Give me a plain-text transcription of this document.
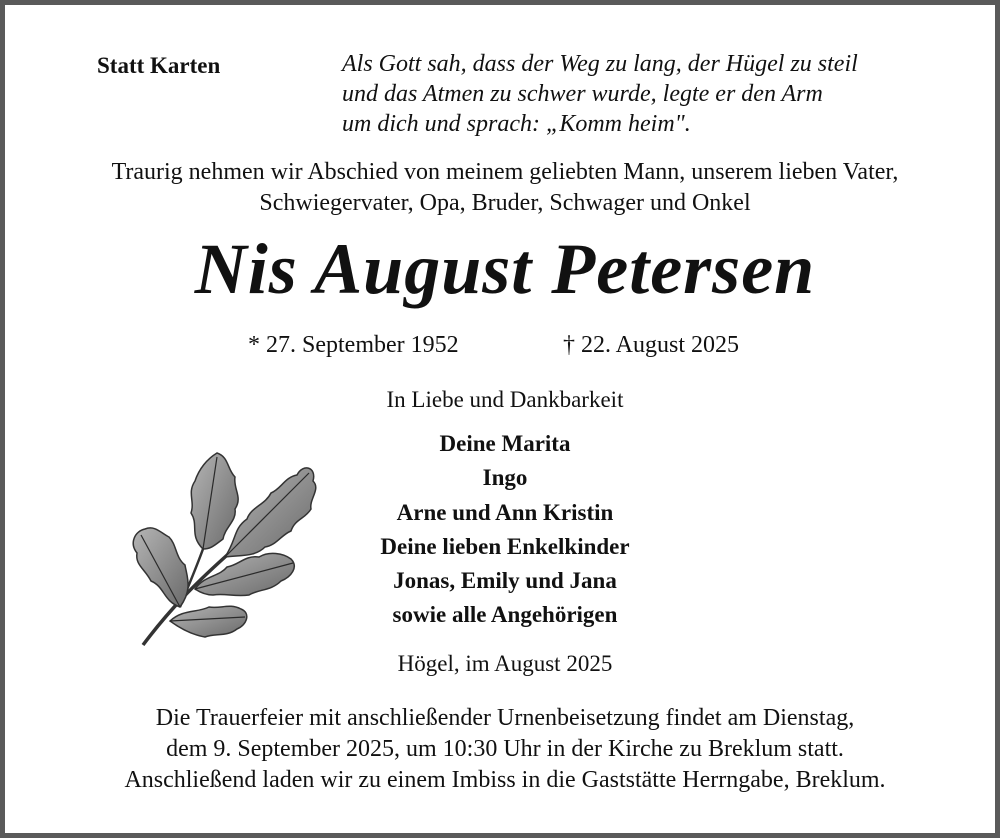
Statt Karten	Als Gott sah, dass der Weg zu lang, der Hügel zu steil
und das Atmen zu schwer wurde, legte er den Arm
um dich und sprach: „Komm heim".
Traurig nehmen wir Abschied von meinem geliebten Mann, unserem lieben Vater,
Schwiegervater, Opa, Bruder, Schwager und Onkel
Nis August Petersen
* 27. September 1952	† 22. August 2025
In Liebe und Dankbarkeit
Deine Marita
Ingo
Arne und Ann Kristin
Deine lieben Enkelkinder
Jonas, Emily und Jana
sowie alle Angehörigen
Högel, im August 2025
Die Trauerfeier mit anschließender Urnenbeisetzung findet am Dienstag,
dem 9. September 2025, um 10:30 Uhr in der Kirche zu Breklum statt.
Anschließend laden wir zu einem Imbiss in die Gaststätte Herrngabe, Breklum.
